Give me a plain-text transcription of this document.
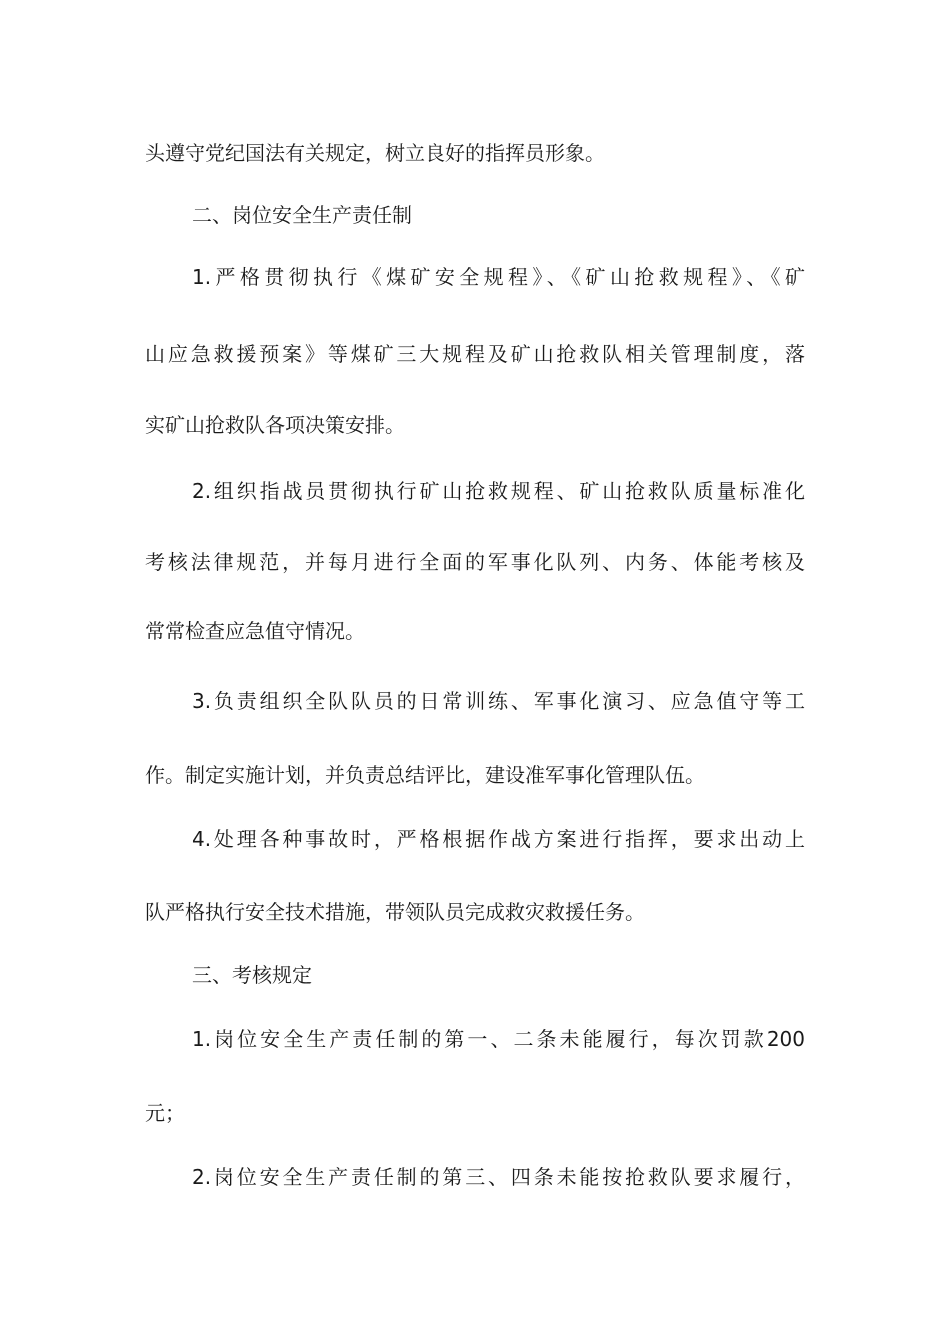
头遵守党纪国法有关规定，树立良好的指挥员形象。

二、岗位安全生产责任制

1.严格贯彻执行《煤矿安全规程》、《矿山抢救规程》、《矿

山应急救援预案》等煤矿三大规程及矿山抢救队相关管理制度，落

实矿山抢救队各项决策安排。

2.组织指战员贯彻执行矿山抢救规程、矿山抢救队质量标准化

考核法律规范，并每月进行全面的军事化队列、内务、体能考核及

常常检查应急值守情况。

3.负责组织全队队员的日常训练、军事化演习、应急值守等工

作。制定实施计划，并负责总结评比，建设准军事化管理队伍。

4.处理各种事故时，严格根据作战方案进行指挥，要求出动上

队严格执行安全技术措施，带领队员完成救灾救援任务。

三、考核规定

1.岗位安全生产责任制的第一、二条未能履行，每次罚款200

元；

2.岗位安全生产责任制的第三、四条未能按抢救队要求履行，
